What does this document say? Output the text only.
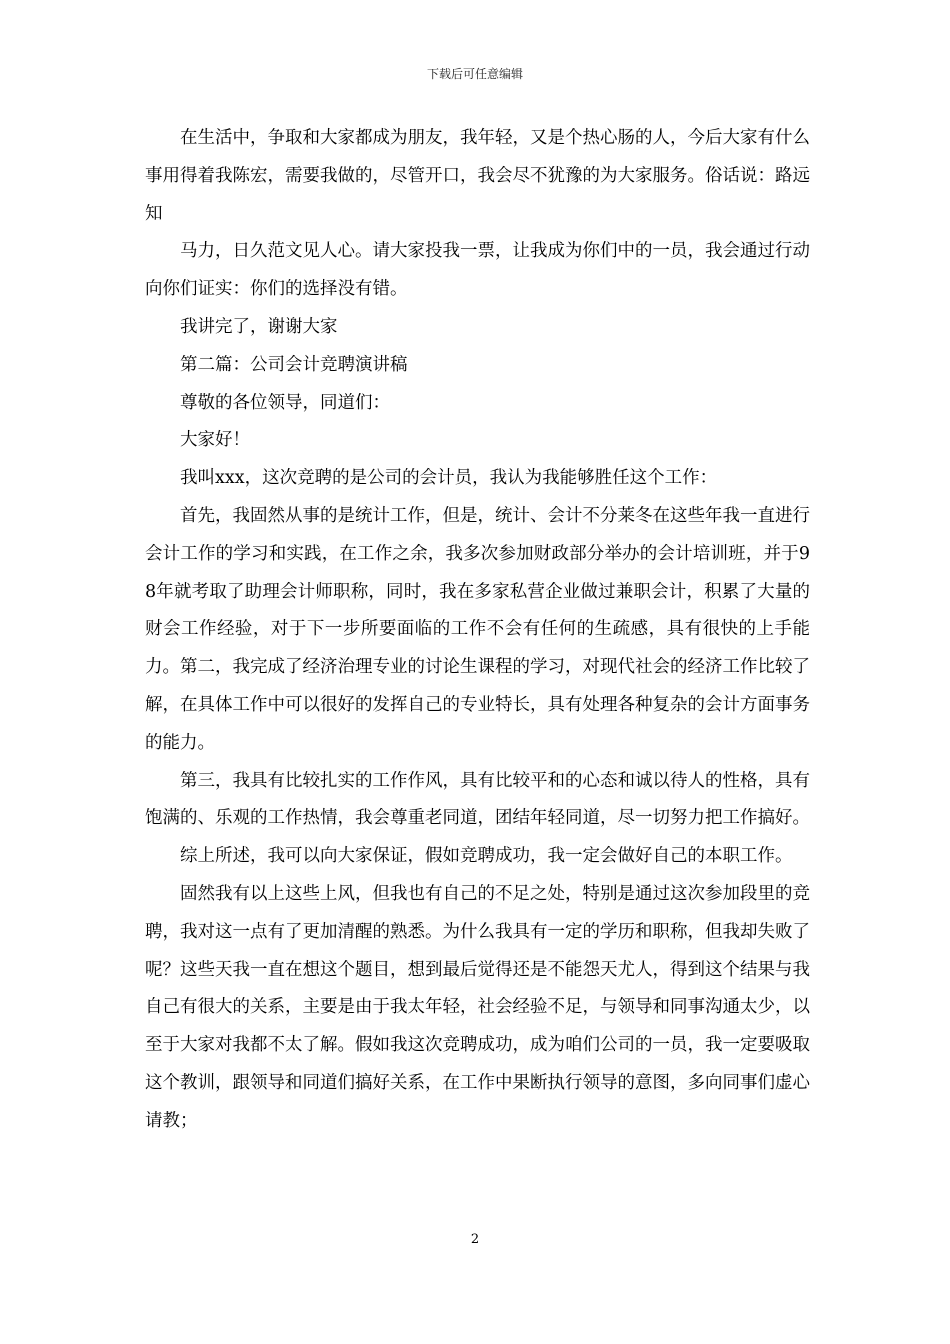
下载后可任意编辑

在生活中，争取和大家都成为朋友，我年轻，又是个热心肠的人，今后大家有什么事用得着我陈宏，需要我做的，尽管开口，我会尽不犹豫的为大家服务。俗话说：路远知

马力，日久范文见人心。请大家投我一票，让我成为你们中的一员，我会通过行动向你们证实：你们的选择没有错。

我讲完了，谢谢大家

第二篇：公司会计竞聘演讲稿

尊敬的各位领导，同道们：

大家好！

我叫xxx，这次竞聘的是公司的会计员，我认为我能够胜任这个工作：

首先，我固然从事的是统计工作，但是，统计、会计不分莱冬在这些年我一直进行会计工作的学习和实践，在工作之余，我多次参加财政部分举办的会计培训班，并于98年就考取了助理会计师职称，同时，我在多家私营企业做过兼职会计，积累了大量的财会工作经验，对于下一步所要面临的工作不会有任何的生疏感，具有很快的上手能力。第二，我完成了经济治理专业的讨论生课程的学习，对现代社会的经济工作比较了解，在具体工作中可以很好的发挥自己的专业特长，具有处理各种复杂的会计方面事务的能力。

第三，我具有比较扎实的工作作风，具有比较平和的心态和诚以待人的性格，具有饱满的、乐观的工作热情，我会尊重老同道，团结年轻同道，尽一切努力把工作搞好。

综上所述，我可以向大家保证，假如竞聘成功，我一定会做好自己的本职工作。

固然我有以上这些上风，但我也有自己的不足之处，特别是通过这次参加段里的竞聘，我对这一点有了更加清醒的熟悉。为什么我具有一定的学历和职称，但我却失败了呢？这些天我一直在想这个题目，想到最后觉得还是不能怨天尤人，得到这个结果与我自己有很大的关系，主要是由于我太年轻，社会经验不足，与领导和同事沟通太少，以至于大家对我都不太了解。假如我这次竞聘成功，成为咱们公司的一员，我一定要吸取这个教训，跟领导和同道们搞好关系，在工作中果断执行领导的意图，多向同事们虚心请教；

2
